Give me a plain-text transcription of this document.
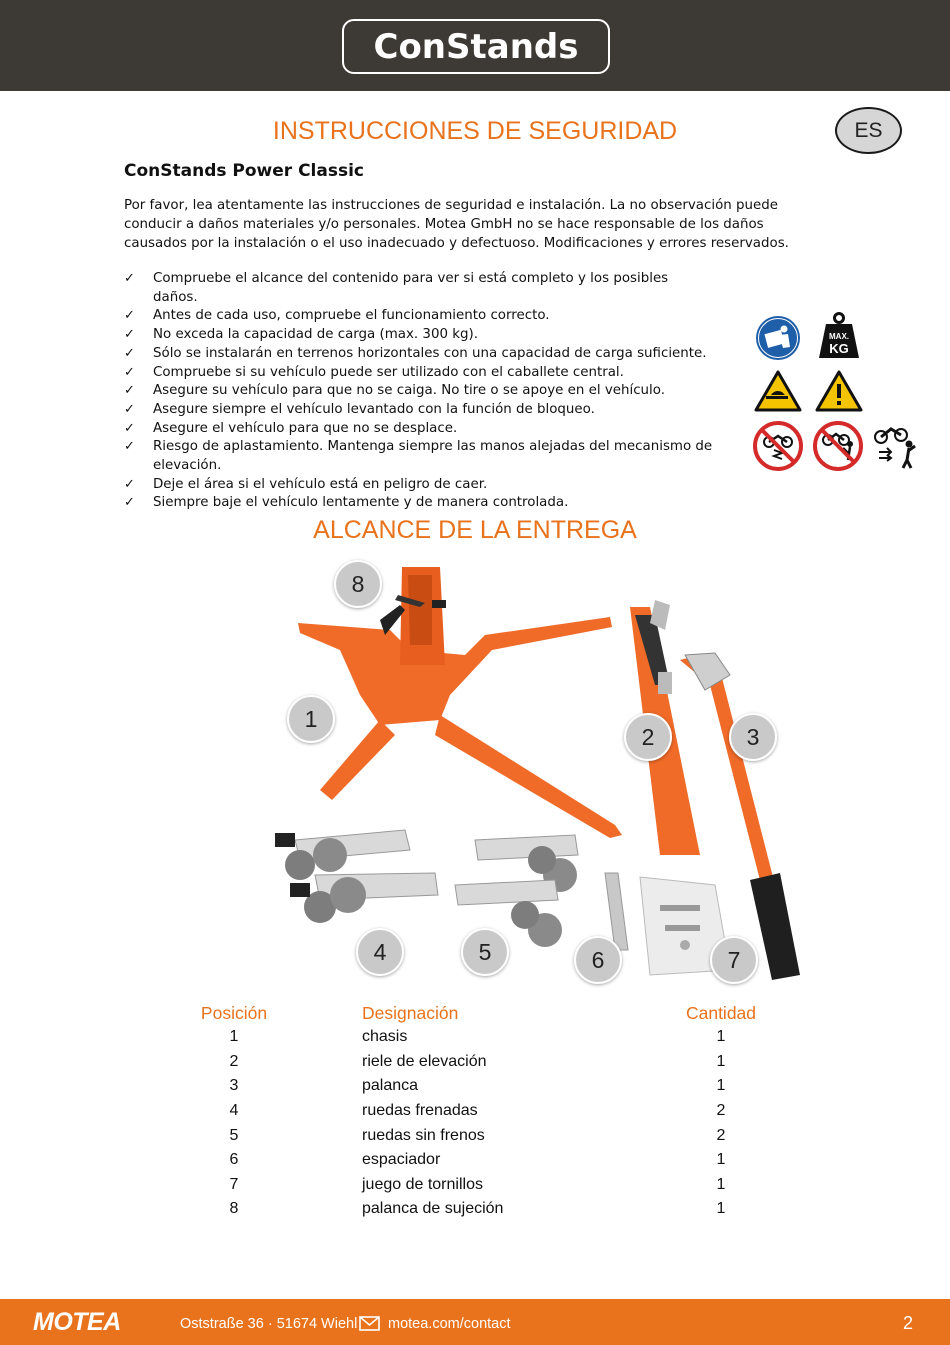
ConStands
ES
INSTRUCCIONES DE SEGURIDAD
ConStands Power Classic

Por favor, lea atentamente las instrucciones de seguridad e instalación. La no observación puede conducir a daños materiales y/o personales. Motea GmbH no se hace responsable de los daños causados por la instalación o el uso inadecuado y defectuoso. Modificaciones y errores reservados.

✓ Compruebe el alcance del contenido para ver si está completo y los posibles daños.
✓ Antes de cada uso, compruebe el funcionamiento correcto.
✓ No exceda la capacidad de carga (max. 300 kg).
✓ Sólo se instalarán en terrenos horizontales con una capacidad de carga suficiente.
✓ Compruebe si su vehículo puede ser utilizado con el caballete central.
✓ Asegure su vehículo para que no se caiga. No tire o se apoye en el vehículo.
✓ Asegure siempre el vehículo levantado con la función de bloqueo.
✓ Asegure el vehículo para que no se desplace.
✓ Riesgo de aplastamiento. Mantenga siempre las manos alejadas del mecanismo de elevación.
✓ Deje el área si el vehículo está en peligro de caer.
✓ Siempre baje el vehículo lentamente y de manera controlada.
MAX.
KG
ALCANCE DE LA ENTREGA
8
1
2	3
4	5	6	7
Posición		Designación	Cantidad
1		chasis	1
2		riele de elevación	1
3		palanca	1
4		ruedas frenadas	2
5		ruedas sin frenos	2
6		espaciador	1
7		juego de tornillos	1
8		palanca de sujeción	1
MOTEA	Oststraße 36 · 51674 Wiehl motea.com/contact	2
